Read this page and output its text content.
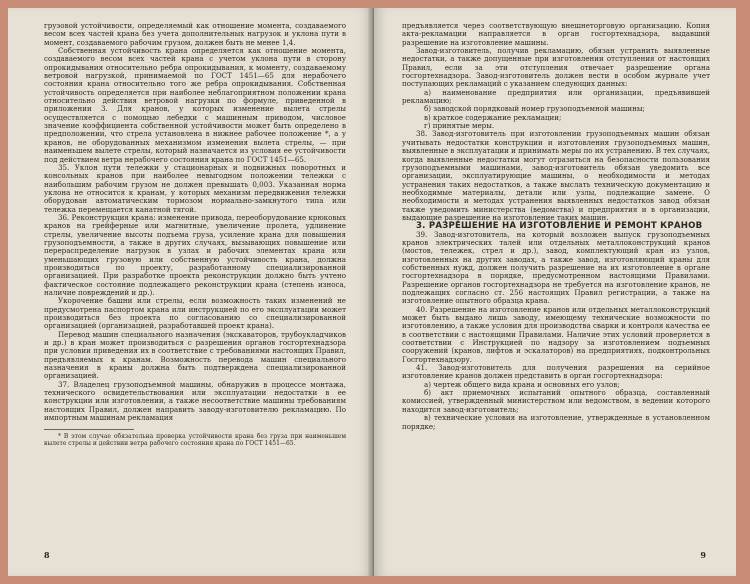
грузовой устойчивости, определяемый как отношение момента, создаваемого весом всех частей крана без учета дополнительных нагрузок и уклона пути в момент, создаваемого рабочим грузом, должен быть не менее 1,4.

Собственная устойчивость крана определяется как отношение момента, создаваемого весом всех частей крана с учетом уклона пути в сторону опрокидывания относительно ребра опрокидывания, к моменту, создаваемому ветровой нагрузкой, принимаемой по ГОСТ 1451—65 для нерабочего состояния крана относительно того же ребра опрокидывания. Собственная устойчивость определяется при наиболее неблагоприятном положении крана относительно действия ветровой нагрузки по формуле, приведенной в приложении 3. Для кранов, у которых изменение вылета стрелы осуществляется с помощью лебедки с машинным приводом, числовое значение коэффициента собственной устойчивости может быть определено в предположении, что стрела установлена в нижнее рабочее положение *, а у кранов, не оборудованных механизмом изменения вылета стрелы, — при наименьшем вылете стрелы, который назначается из условия ее устойчивости под действием ветра нерабочего состояния крана по ГОСТ 1451—65.

35. Уклон пути тележки у стационарных и подвижных поворотных и консольных кранов при наиболее невыгодном положении тележки с наибольшим рабочим грузом не должен превышать 0,003. Указанная норма уклона не относится к кранам, у которых механизм передвижения тележки оборудован автоматическим тормозом нормально-замкнутого типа или тележка перемещается канатной тягой.

36. Реконструкция крана: изменение привода, переоборудование крюковых кранов на грейферные или магнитные, увеличение пролета, удлинение стрелы, увеличение высоты подъема груза, усиление крана для повышения грузоподъемности, а также в других случаях, вызывающих повышение или перераспределение нагрузок в узлах и рабочих элементах крана или уменьшающих грузовую или собственную устойчивость крана, должна производиться по проекту, разработанному специализированной организацией. При разработке проекта реконструкции должно быть учтено фактическое состояние подлежащего реконструкции крана (степень износа, наличие повреждений и др.).

Укорочение башни или стрелы, если возможность таких изменений не предусмотрена паспортом крана или инструкцией по его эксплуатации может производиться без проекта по согласованию со специализированной организацией (организацией, разработавшей проект крана).

Перевод машин специального назначения (экскаваторов, трубоукладчиков и др.) в кран может производиться с разрешения органов госгортехнадзора при условии приведения их в соответствие с требованиями настоящих Правил, предъявляемых к кранам. Возможность перевода машин специального назначения в краны должна быть подтверждена специализированной организацией.

37. Владелец грузоподъемной машины, обнаружив в процессе монтажа, технического освидетельствования или эксплуатации недостатки в ее конструкции или изготовлении, а также несоответствие машины требованиям настоящих Правил, должен направить заводу-изготовителю рекламацию. По импортным машинам рекламация

* В этом случае обязательна проверка устойчивости крана без груза при наименьшем вылете стрелы и действии ветра рабочего состояния крана по ГОСТ 1451—65.

8

предъявляется через соответствующую внешнеторговую организацию. Копия акта-рекламации направляется в орган госгортехнадзора, выдавший разрешение на изготовление машины.

Завод-изготовитель, получив рекламацию, обязан устранить выявленные недостатки, а также допущенные при изготовлении отступления от настоящих Правил, если за эти отступления отвечает разрешение органа госгортехнадзора. Завод-изготовитель должен вести в особом журнале учет поступающих рекламаций с указанием следующих данных:

а) наименование предприятия или организации, предъявившей рекламацию;

б) заводской порядковый номер грузоподъемной машины;

в) краткое содержание рекламации;

г) принятые меры.

38. Завод-изготовитель при изготовлении грузоподъемных машин обязан учитывать недостатки конструкции и изготовления грузоподъемных машин, выявленные в эксплуатации и принимать меры по их устранению. В тех случаях, когда выявленные недостатки могут отразиться на безопасности пользования грузоподъемными машинами, завод-изготовитель обязан уведомить все организации, эксплуатирующие машины, о необходимости и методах устранения таких недостатков, а также выслать техническую документацию и необходимые материалы, детали или узлы, подлежащие замене. О необходимости и методах устранения выявленных недостатков завод обязан также уведомить министерства (ведомства) и предприятия и в организации, выдающие разрешение на изготовление таких машин.

3. РАЗРЕШЕНИЕ НА ИЗГОТОВЛЕНИЕ И РЕМОНТ КРАНОВ

39. Завод-изготовитель, на который возложен выпуск грузоподъемных кранов электрических талей или отдельных металлоконструкций кранов (мостов, тележек, стрел и др.), завод, комплектующий кран из узлов, изготовленных на других заводах, а также завод, изготовляющий краны для собственных нужд, должен получить разрешение на их изготовление в органе госгортехнадзора в порядке, предусмотренном настоящими Правилами. Разрешение органов госгортехнадзора не требуется на изготовление кранов, не подлежащих согласно ст. 256 настоящих Правил регистрации, а также на изготовление опытного образца крана.

40. Разрешение на изготовление кранов или отдельных металлоконструкций может быть выдано лишь заводу, имеющему технические возможности по изготовлению, а также условия для производства сварки и контроля качества ее в соответствии с настоящими Правилами. Наличие этих условий проверяется в соответствии с Инструкцией по надзору за изготовлением подъемных сооружений (кранов, лифтов и эскалаторов) на предприятиях, подконтрольных Госгортехнадзору.

41. Завод-изготовитель для получения разрешения на серийное изготовление кранов должен представить в орган госгортехнадзора:

а) чертеж общего вида крана и основных его узлов;

б) акт приемочных испытаний опытного образца, составленный комиссией, утвержденный министерством или ведомством, в ведении которого находится завод-изготовитель;

в) технические условия на изготовление, утвержденные в установленном порядке;

9
